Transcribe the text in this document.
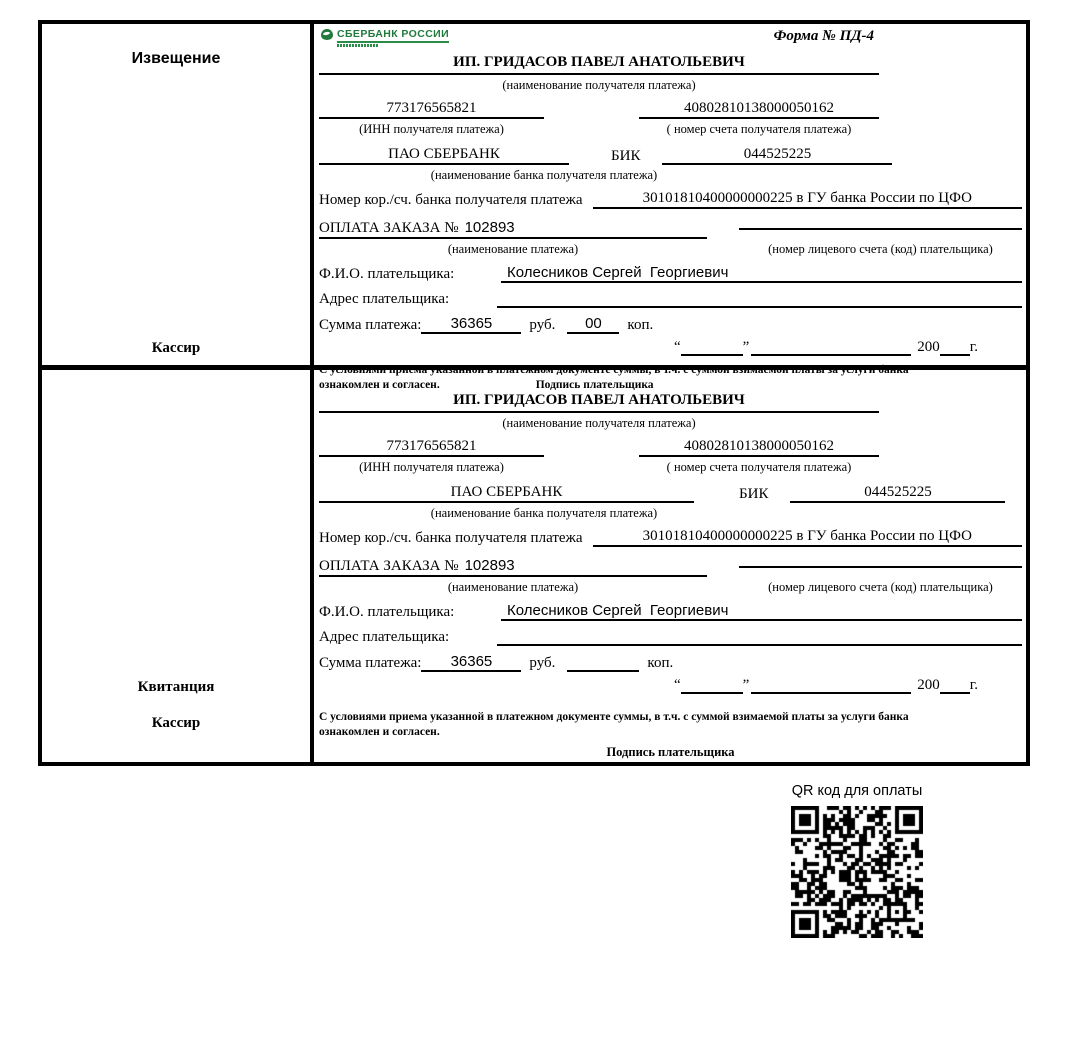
Извещение
Кассир
СБЕРБАНК РОССИИ	Форма № ПД-4
ИП. ГРИДАСОВ ПАВЕЛ АНАТОЛЬЕВИЧ
(наименование получателя платежа)
773176565821	40802810138000050162
(ИНН получателя платежа)	( номер счета получателя платежа)
ПАО СБЕРБАНК	БИК	044525225
(наименование банка получателя платежа)
Номер кор./сч. банка получателя платежа	30101810400000000225 в ГУ банка России по ЦФО
ОПЛАТА ЗАКАЗА № 102893
(наименование платежа)	(номер лицевого счета (код) плательщика)
Ф.И.О. плательщика:	Колесников Сергей  Георгиевич
Адрес плательщика:
Сумма платежа:	36365	руб.	00	коп.
“	”	200 г.
С условиями приема указанной в платежном документе суммы, в т.ч. с суммой взимаемой платы за услуги банка
ознакомлен и согласен.	Подпись плательщика
Квитанция
Кассир
ИП. ГРИДАСОВ ПАВЕЛ АНАТОЛЬЕВИЧ
(наименование получателя платежа)
773176565821	40802810138000050162
(ИНН получателя платежа)	( номер счета получателя платежа)
ПАО СБЕРБАНК	БИК	044525225
(наименование банка получателя платежа)
Номер кор./сч. банка получателя платежа	30101810400000000225 в ГУ банка России по ЦФО
ОПЛАТА ЗАКАЗА № 102893
(наименование платежа)	(номер лицевого счета (код) плательщика)
Ф.И.О. плательщика:	Колесников Сергей  Георгиевич
Адрес плательщика:
Сумма платежа:	36365	руб.	коп.
“	”	200 г.
С условиями приема указанной в платежном документе суммы, в т.ч. с суммой взимаемой платы за услуги банка
ознакомлен и согласен.
Подпись плательщика
QR код для оплаты
